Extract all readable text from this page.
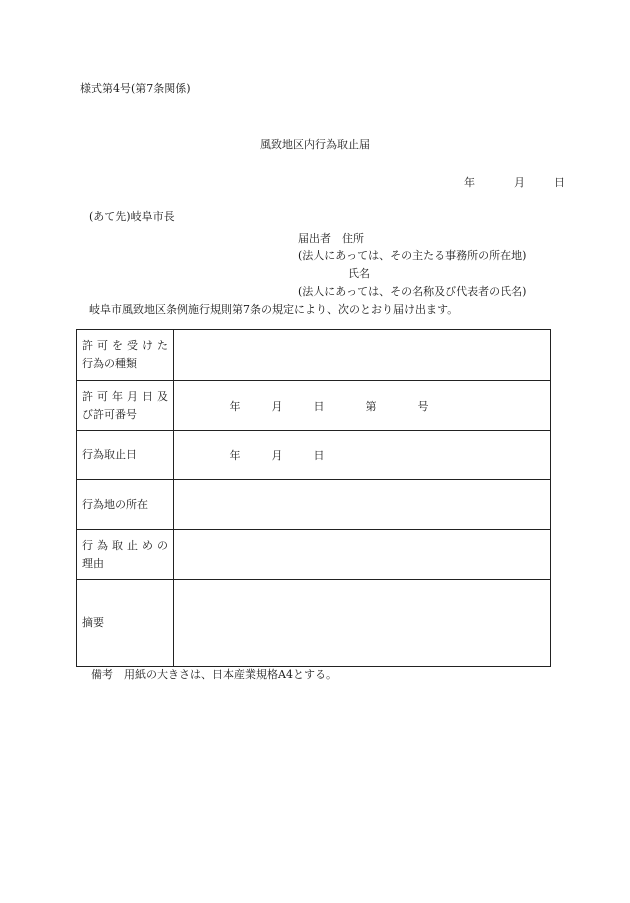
様式第4号(第7条関係)
風致地区内行為取止届
年	月	日
(あて先)岐阜市長
届出者　住所
(法人にあっては、その主たる事務所の所在地)
氏名
(法人にあっては、その名称及び代表者の氏名)
岐阜市風致地区条例施行規則第7条の規定により、次のとおり届け出ます。
許可を受けた
行為の種類	

許可年月日及
び許可番号	年 月 日 第 号

行為取止日	年 月 日

行為地の所在	

行為取止めの
理由	

摘要	

備考　用紙の大きさは、日本産業規格A4とする。
